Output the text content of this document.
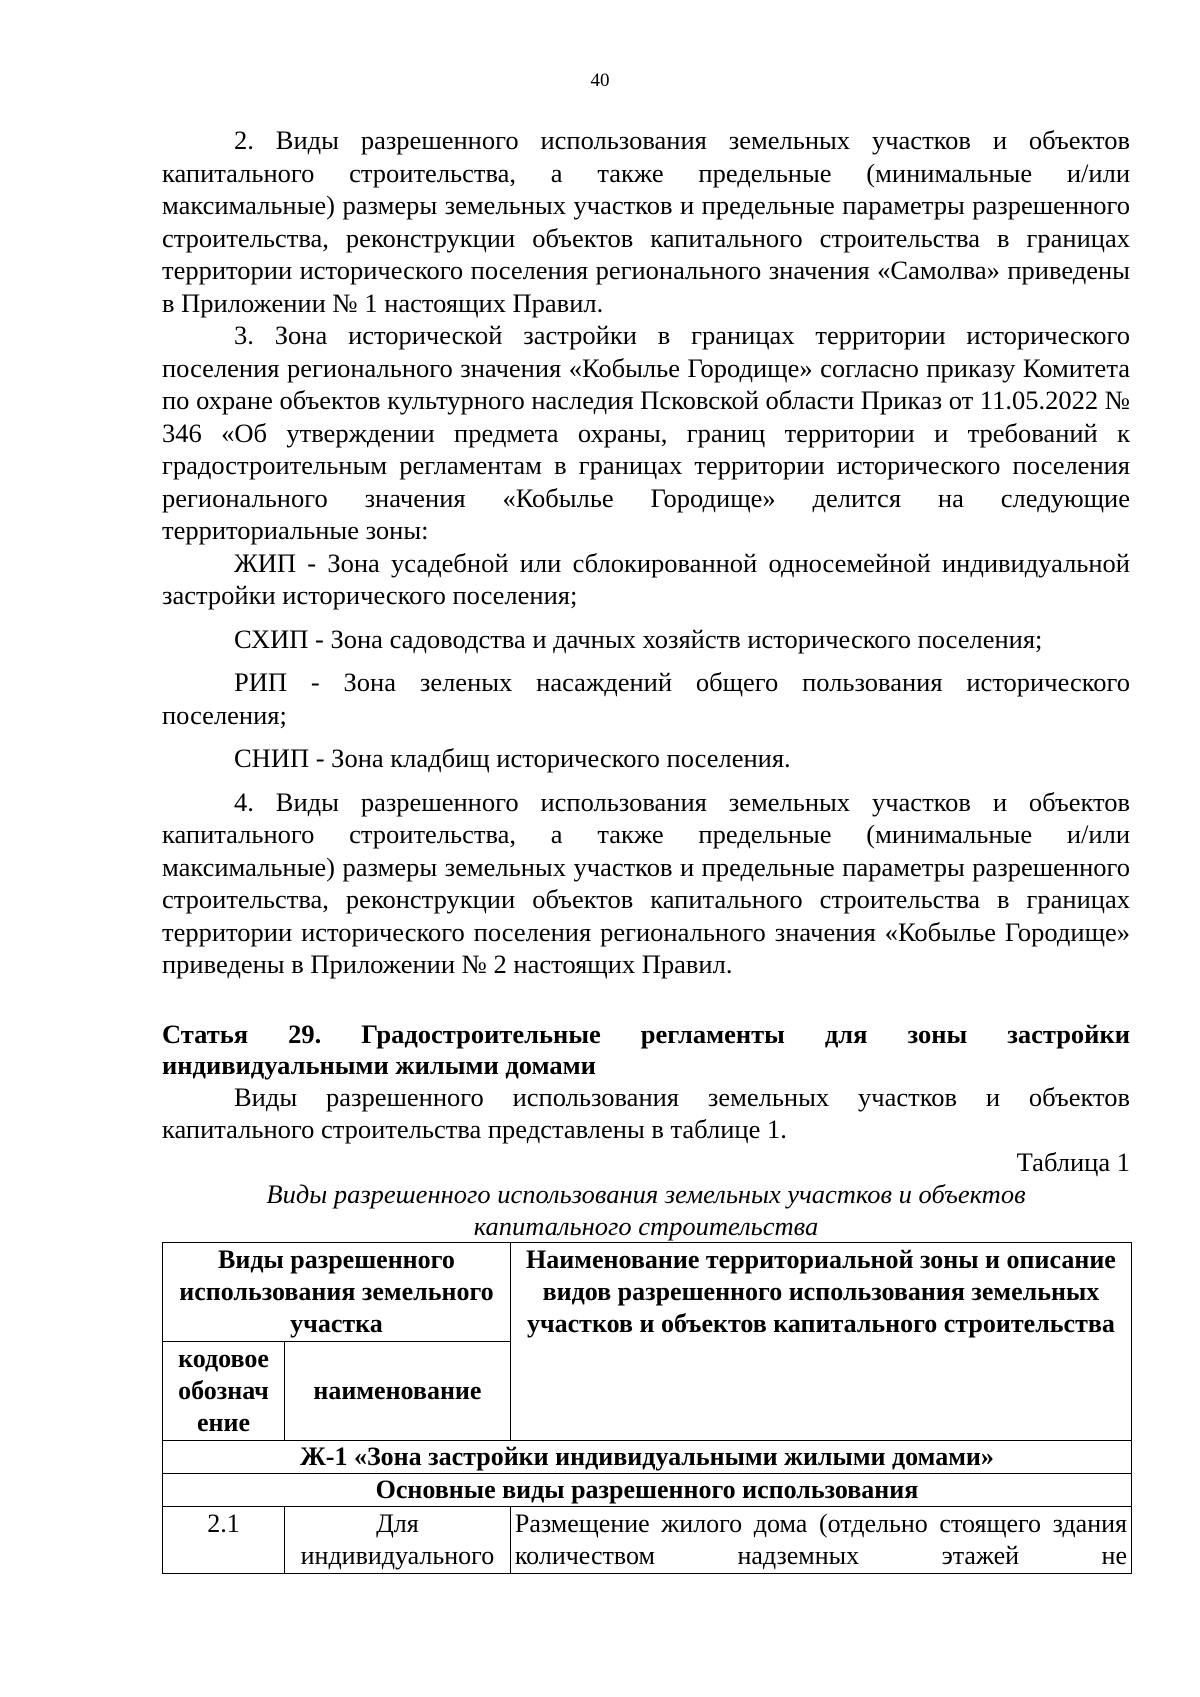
40

2. Виды разрешенного использования земельных участков и объектов капитального строительства, а также предельные (минимальные и/или максимальные) размеры земельных участков и предельные параметры разрешенного строительства, реконструкции объектов капитального строительства в границах территории исторического поселения регионального значения «Самолва» приведены в Приложении № 1 настоящих Правил.

3. Зона исторической застройки в границах территории исторического поселения регионального значения «Кобылье Городище» согласно приказу Комитета по охране объектов культурного наследия Псковской области Приказ от 11.05.2022 № 346 «Об утверждении предмета охраны, границ территории и требований к градостроительным регламентам в границах территории исторического поселения регионального значения «Кобылье Городище» делится на следующие территориальные зоны:

ЖИП - Зона усадебной или сблокированной односемейной индивидуальной застройки исторического поселения;

СХИП - Зона садоводства и дачных хозяйств исторического поселения;

РИП - Зона зеленых насаждений общего пользования исторического поселения;

СНИП - Зона кладбищ исторического поселения.

4. Виды разрешенного использования земельных участков и объектов капитального строительства, а также предельные (минимальные и/или максимальные) размеры земельных участков и предельные параметры разрешенного строительства, реконструкции объектов капитального строительства в границах территории исторического поселения регионального значения «Кобылье Городище» приведены в Приложении № 2 настоящих Правил.

Статья 29. Градостроительные регламенты для зоны застройки индивидуальными жилыми домами

Виды разрешенного использования земельных участков и объектов капитального строительства представлены в таблице 1.

Таблица 1

Виды разрешенного использования земельных участков и объектов капитального строительства

Виды разрешенного использования земельного участка		Наименование территориальной зоны и описание видов разрешенного использования земельных участков и объектов капитального строительства
кодовое обознач ение	наименование	
Ж-1 «Зона застройки индивидуальными жилыми домами»		
Основные виды разрешенного использования		
2.1	Для индивидуального	Размещение жилого дома (отдельно стоящего здания количеством надземных этажей не
